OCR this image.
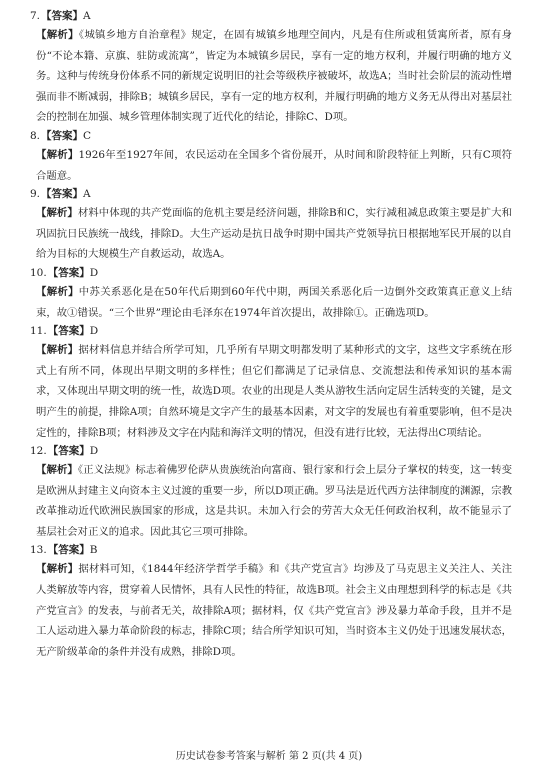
7.【答案】A

【解析】《城镇乡地方自治章程》规定，在固有城镇乡地理空间内，凡是有住所或租赁寓所者，原有身份“不论本籍、京旗、驻防或流寓”，皆定为本城镇乡居民，享有一定的地方权利，并履行明确的地方义务。这种与传统身份体系不同的新规定说明旧的社会等级秩序被破坏，故选A；当时社会阶层的流动性增强而非不断减弱，排除B；城镇乡居民，享有一定的地方权利，并履行明确的地方义务无从得出对基层社会的控制在加强、城乡管理体制实现了近代化的结论，排除C、D项。

8.【答案】C

【解析】1926年至1927年间，农民运动在全国多个省份展开，从时间和阶段特征上判断，只有C项符合题意。

9.【答案】A

【解析】材料中体现的共产党面临的危机主要是经济问题，排除B和C，实行减租减息政策主要是扩大和巩固抗日民族统一战线，排除D。大生产运动是抗日战争时期中国共产党领导抗日根据地军民开展的以自给为目标的大规模生产自救运动，故选A。

10.【答案】D

【解析】中苏关系恶化是在50年代后期到60年代中期，两国关系恶化后一边倒外交政策真正意义上结束，故①错误。“三个世界”理论由毛泽东在1974年首次提出，故排除①。正确选项D。

11.【答案】D

【解析】据材料信息并结合所学可知，几乎所有早期文明都发明了某种形式的文字，这些文字系统在形式上有所不同，体现出早期文明的多样性；但它们都满足了记录信息、交流想法和传承知识的基本需求，又体现出早期文明的统一性，故选D项。农业的出现是人类从游牧生活向定居生活转变的关键，是文明产生的前提，排除A项；自然环境是文字产生的最基本因素，对文字的发展也有着重要影响，但不是决定性的，排除B项；材料涉及文字在内陆和海洋文明的情况，但没有进行比较，无法得出C项结论。

12.【答案】D

【解析】《正义法规》标志着佛罗伦萨从贵族统治向富商、银行家和行会上层分子掌权的转变，这一转变是欧洲从封建主义向资本主义过渡的重要一步，所以D项正确。罗马法是近代西方法律制度的渊源，宗教改革推动近代欧洲民族国家的形成，这是共识。未加入行会的劳苦大众无任何政治权利，故不能显示了基层社会对正义的追求。因此其它三项可排除。

13.【答案】B

【解析】据材料可知，《1844年经济学哲学手稿》和《共产党宣言》均涉及了马克思主义关注人、关注人类解放等内容，贯穿着人民情怀，具有人民性的特征，故选B项。社会主义由理想到科学的标志是《共产党宣言》的发表，与前者无关，故排除A项；据材料，仅《共产党宣言》涉及暴力革命手段，且并不是工人运动进入暴力革命阶段的标志，排除C项；结合所学知识可知，当时资本主义仍处于迅速发展状态，无产阶级革命的条件并没有成熟，排除D项。

历史试卷参考答案与解析 第 2 页(共 4 页)
